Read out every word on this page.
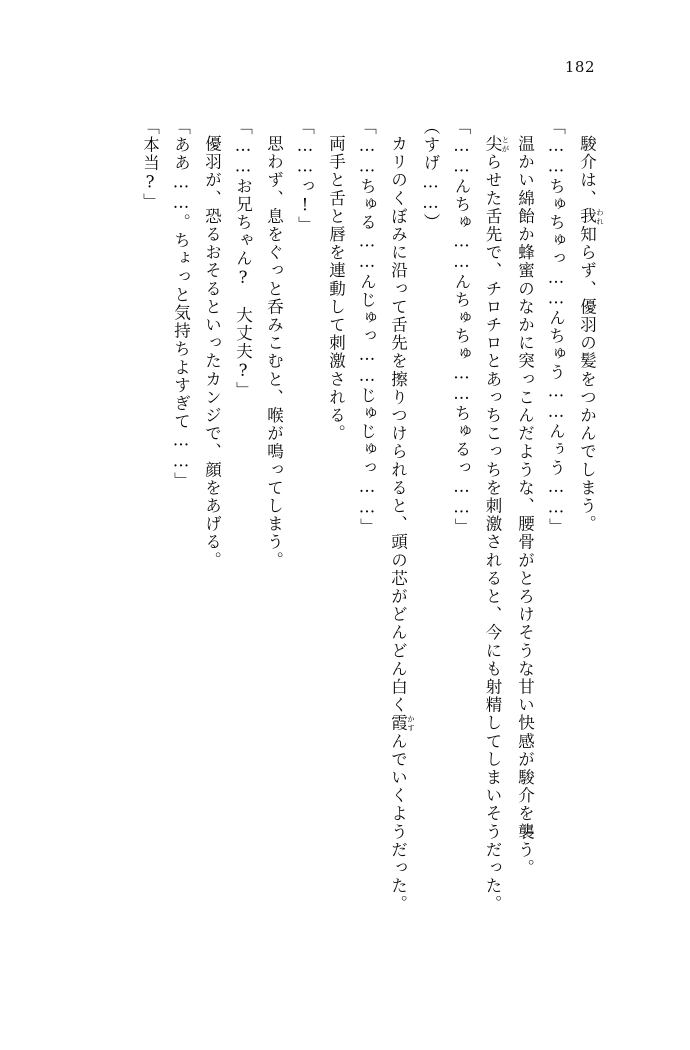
182

駿介は、我 われ知らず、優羽の髪をつかんでしまう。

「……ちゅちゅっ……んちゅう……んぅう……」

温かい綿飴か蜂蜜のなかに突っこんだような、腰骨がとろけそうな甘い快感が駿介を襲う。

尖 とがらせた舌先で、チロチロとあっちこっちを刺激されると、今にも射精してしまいそうだった。

「……んちゅ……んちゅちゅ……ちゅるっ……」

（すげ……）

カリのくぼみに沿って舌先を擦りつけられると、頭の芯がどんどん白く霞 かすんでいくようだった。

「……ちゅる……んじゅっ……じゅじゅっ……」

両手と舌と唇を連動して刺激される。

「……っ!」

思わず、息をぐっと呑みこむと、喉が鳴ってしまう。

「……お兄ちゃん?　大丈夫?」

優羽が、恐るおそるといったカンジで、顔をあげる。

「ああ……。ちょっと気持ちよすぎて……」

「本当?」
